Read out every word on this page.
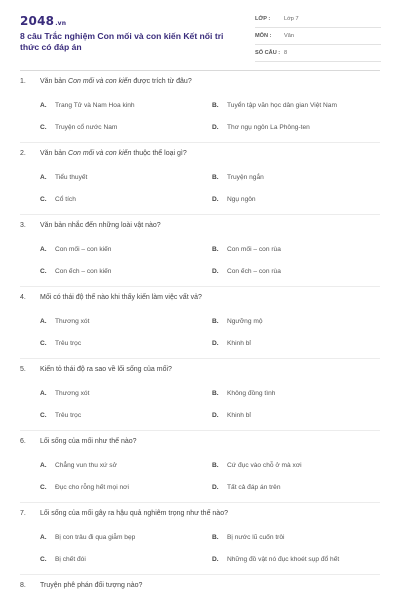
2048.vn
8 câu Trắc nghiệm Con mối và con kiến Kết nối tri thức có đáp án
LỚP : Lớp 7
MÔN : Văn
SỐ CÂU : 8
1. Văn bản Con mối và con kiến được trích từ đâu?
A. Trang Tử và Nam Hoa kinh	B. Tuyển tập văn học dân gian Việt Nam
C. Truyện cổ nước Nam	D. Thơ ngụ ngôn La Phông-ten
2. Văn bản Con mối và con kiến thuộc thể loại gì?
A. Tiểu thuyết	B. Truyện ngắn
C. Cổ tích	D. Ngụ ngôn
3. Văn bản nhắc đến những loài vật nào?
A. Con mối – con kiến	B. Con mối – con rùa
C. Con ếch – con kiến	D. Con ếch – con rùa
4. Mối có thái độ thế nào khi thấy kiến làm việc vất vả?
A. Thương xót	B. Ngưỡng mộ
C. Trêu trọc	D. Khinh bỉ
5. Kiến tỏ thái độ ra sao về lối sống của mối?
A. Thương xót	B. Không đồng tình
C. Trêu trọc	D. Khinh bỉ
6. Lối sống của mối như thế nào?
A. Chẳng vun thu xứ sở	B. Cứ đục vào chỗ ở mà xơi
C. Đục cho rỗng hết mọi nơi	D. Tất cả đáp án trên
7. Lối sống của mối gây ra hậu quả nghiêm trọng như thế nào?
A. Bị con trâu đi qua giẫm bẹp	B. Bị nước lũ cuốn trôi
C. Bị chết đói	D. Những đồ vật nó đục khoét sụp đổ hết
8. Truyện phê phán đối tượng nào?
